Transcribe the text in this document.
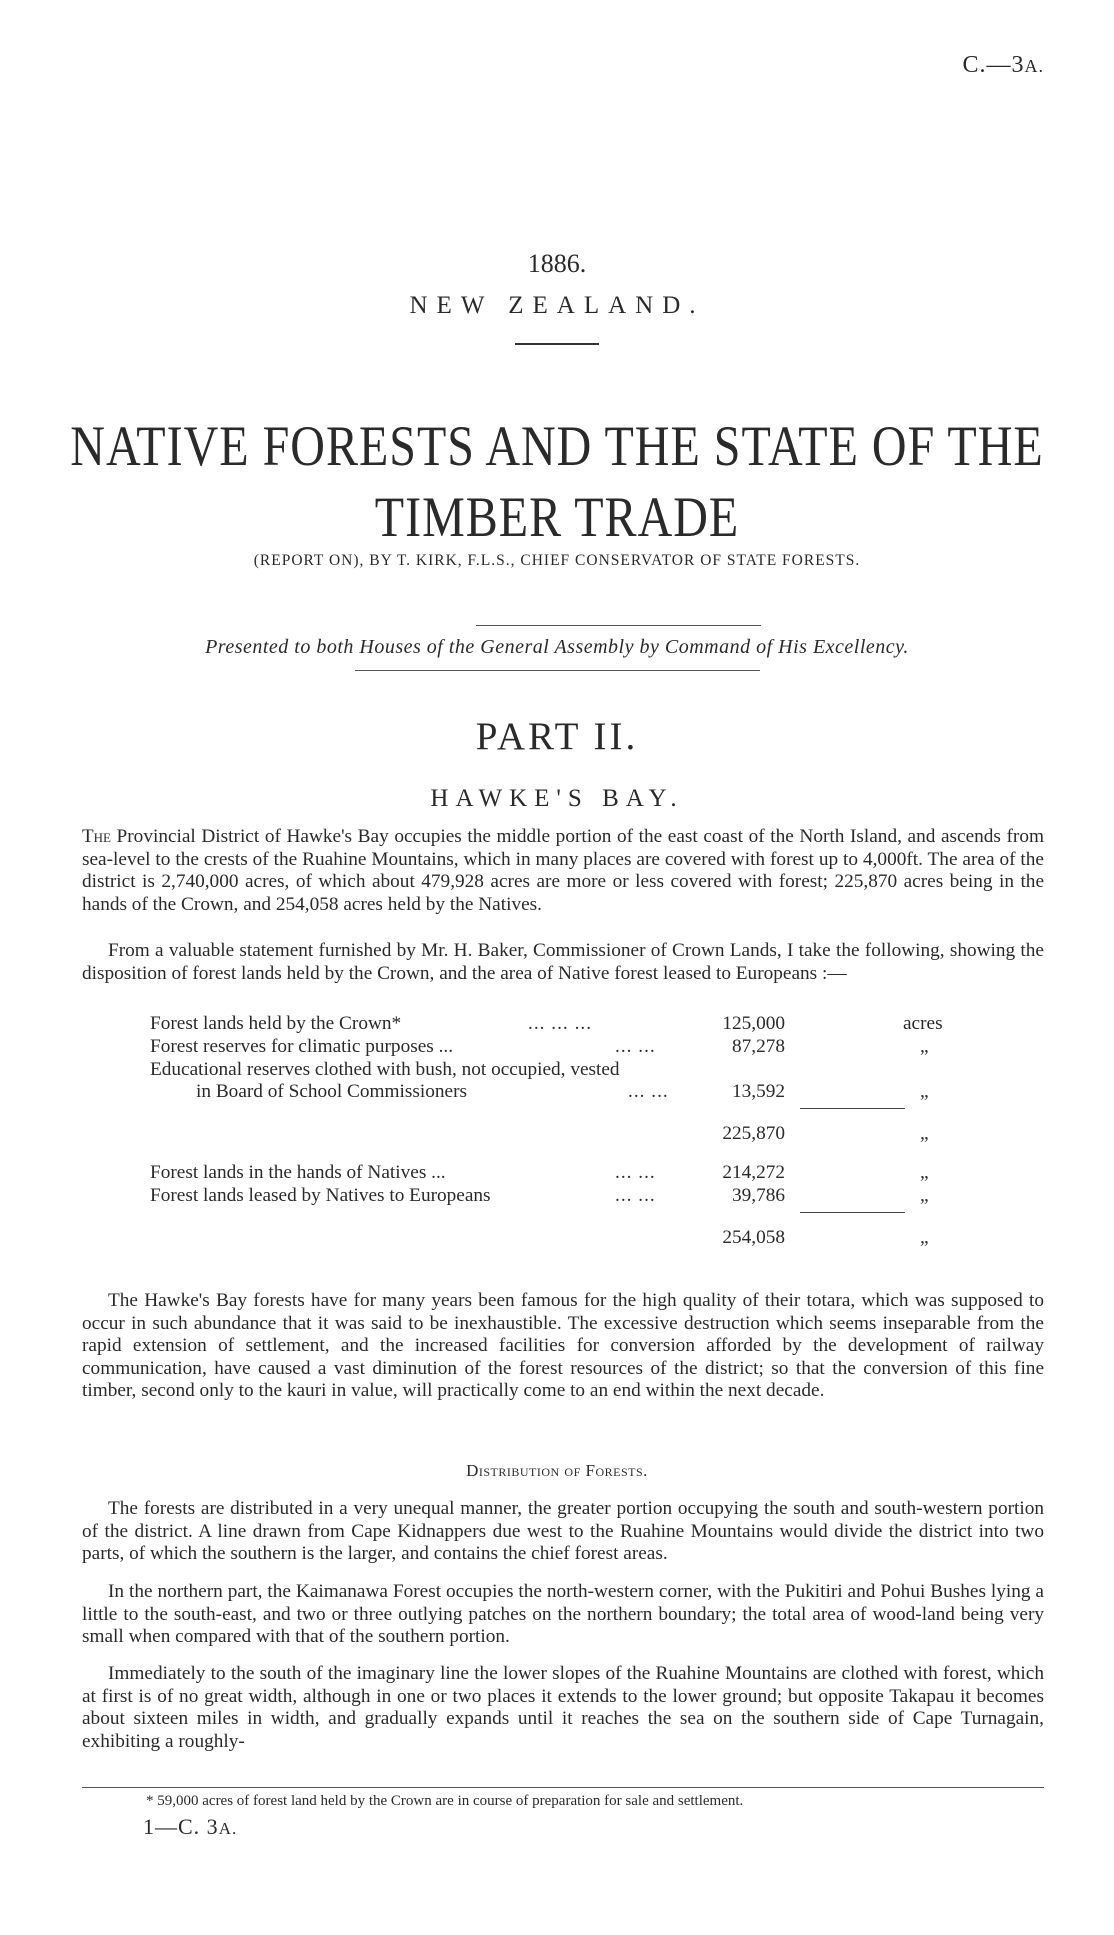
C.—3A.
1886.
NEW ZEALAND.
NATIVE FORESTS AND THE STATE OF THE
TIMBER TRADE
(REPORT ON), BY T. KIRK, F.L.S., CHIEF CONSERVATOR OF STATE FORESTS.
Presented to both Houses of the General Assembly by Command of His Excellency.
PART II.
HAWKE'S BAY.
The Provincial District of Hawke's Bay occupies the middle portion of the east coast of the North Island, and ascends from sea-level to the crests of the Ruahine Mountains, which in many places are covered with forest up to 4,000ft. The area of the district is 2,740,000 acres, of which about 479,928 acres are more or less covered with forest; 225,870 acres being in the hands of the Crown, and 254,058 acres held by the Natives.
From a valuable statement furnished by Mr. H. Baker, Commissioner of Crown Lands, I take the following, showing the disposition of forest lands held by the Crown, and the area of Native forest leased to Europeans :—
Forest lands held by the Crown*	... ... ...	125,000	acres
Forest reserves for climatic purposes ...	... ...	87,278	„
Educational reserves clothed with bush, not occupied, vested
in Board of School Commissioners	... ...	13,592	„
225,870	„
Forest lands in the hands of Natives ...	... ...	214,272	„
Forest lands leased by Natives to Europeans	... ...	39,786	„
254,058	„
The Hawke's Bay forests have for many years been famous for the high quality of their totara, which was supposed to occur in such abundance that it was said to be inexhaustible. The excessive destruction which seems inseparable from the rapid extension of settlement, and the increased facilities for conversion afforded by the development of railway communication, have caused a vast diminution of the forest resources of the district; so that the conversion of this fine timber, second only to the kauri in value, will practically come to an end within the next decade.
Distribution of Forests.
The forests are distributed in a very unequal manner, the greater portion occupying the south and south-western portion of the district. A line drawn from Cape Kidnappers due west to the Ruahine Mountains would divide the district into two parts, of which the southern is the larger, and contains the chief forest areas.
In the northern part, the Kaimanawa Forest occupies the north-western corner, with the Pukitiri and Pohui Bushes lying a little to the south-east, and two or three outlying patches on the northern boundary; the total area of wood-land being very small when compared with that of the southern portion.
Immediately to the south of the imaginary line the lower slopes of the Ruahine Mountains are clothed with forest, which at first is of no great width, although in one or two places it extends to the lower ground; but opposite Takapau it becomes about sixteen miles in width, and gradually expands until it reaches the sea on the southern side of Cape Turnagain, exhibiting a roughly-
* 59,000 acres of forest land held by the Crown are in course of preparation for sale and settlement.
1—C. 3A.
